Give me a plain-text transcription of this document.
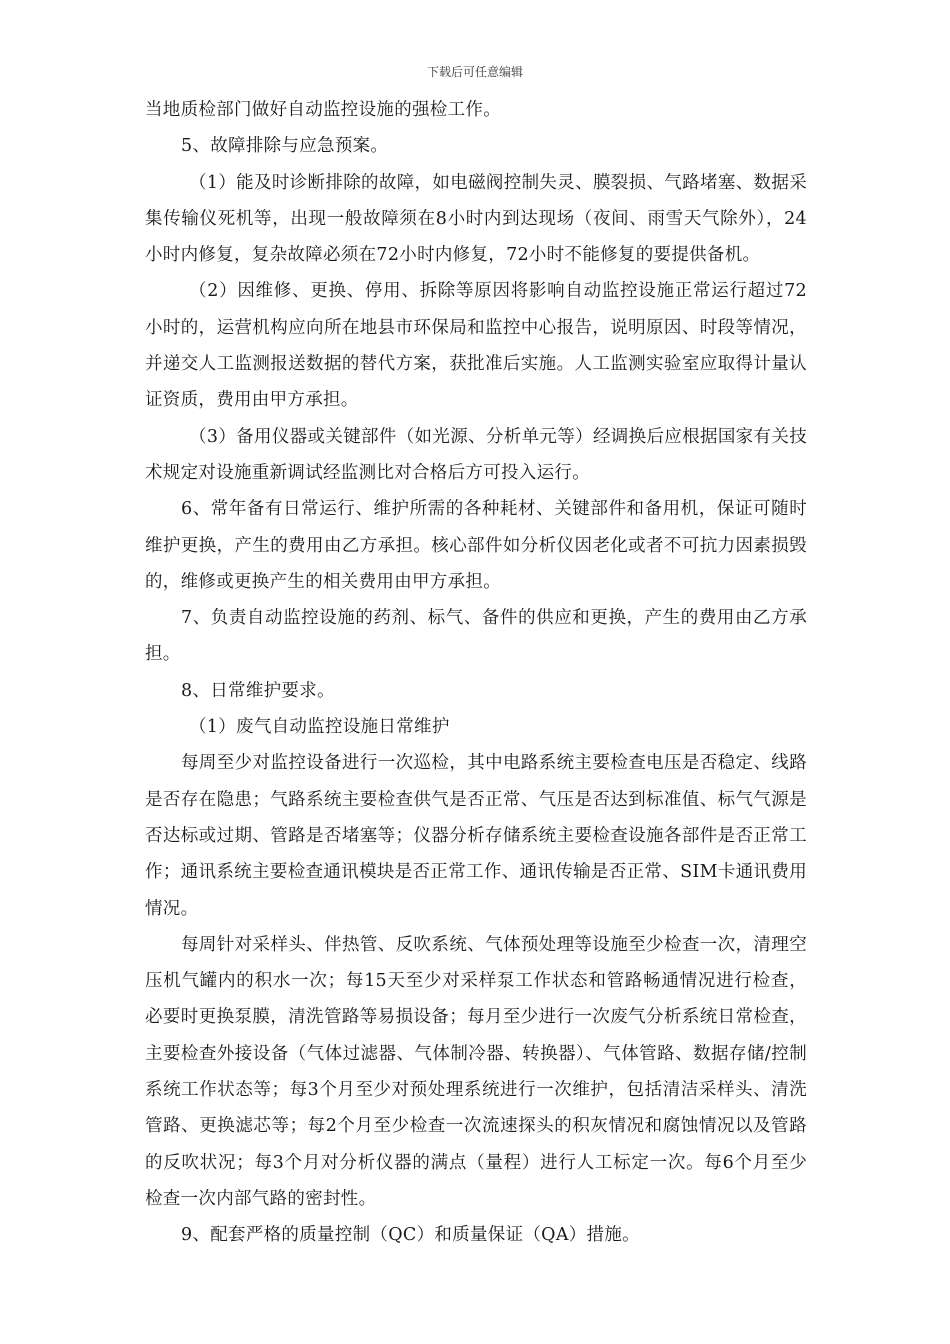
下载后可任意编辑

当地质检部门做好自动监控设施的强检工作。

5、故障排除与应急预案。

（1）能及时诊断排除的故障，如电磁阀控制失灵、膜裂损、气路堵塞、数据采集传输仪死机等，出现一般故障须在8小时内到达现场（夜间、雨雪天气除外），24小时内修复，复杂故障必须在72小时内修复，72小时不能修复的要提供备机。

（2）因维修、更换、停用、拆除等原因将影响自动监控设施正常运行超过72小时的，运营机构应向所在地县市环保局和监控中心报告，说明原因、时段等情况，并递交人工监测报送数据的替代方案，获批准后实施。人工监测实验室应取得计量认证资质，费用由甲方承担。

（3）备用仪器或关键部件（如光源、分析单元等）经调换后应根据国家有关技术规定对设施重新调试经监测比对合格后方可投入运行。

6、常年备有日常运行、维护所需的各种耗材、关键部件和备用机，保证可随时维护更换，产生的费用由乙方承担。核心部件如分析仪因老化或者不可抗力因素损毁的，维修或更换产生的相关费用由甲方承担。

7、负责自动监控设施的药剂、标气、备件的供应和更换，产生的费用由乙方承担。

8、日常维护要求。

（1）废气自动监控设施日常维护

每周至少对监控设备进行一次巡检，其中电路系统主要检查电压是否稳定、线路是否存在隐患；气路系统主要检查供气是否正常、气压是否达到标准值、标气气源是否达标或过期、管路是否堵塞等；仪器分析存储系统主要检查设施各部件是否正常工作；通讯系统主要检查通讯模块是否正常工作、通讯传输是否正常、SIM卡通讯费用情况。

每周针对采样头、伴热管、反吹系统、气体预处理等设施至少检查一次，清理空压机气罐内的积水一次；每15天至少对采样泵工作状态和管路畅通情况进行检查，必要时更换泵膜，清洗管路等易损设备；每月至少进行一次废气分析系统日常检查，主要检查外接设备（气体过滤器、气体制冷器、转换器）、气体管路、数据存储/控制系统工作状态等；每3个月至少对预处理系统进行一次维护，包括清洁采样头、清洗管路、更换滤芯等；每2个月至少检查一次流速探头的积灰情况和腐蚀情况以及管路的反吹状况；每3个月对分析仪器的满点（量程）进行人工标定一次。每6个月至少检查一次内部气路的密封性。

9、配套严格的质量控制（QC）和质量保证（QA）措施。
